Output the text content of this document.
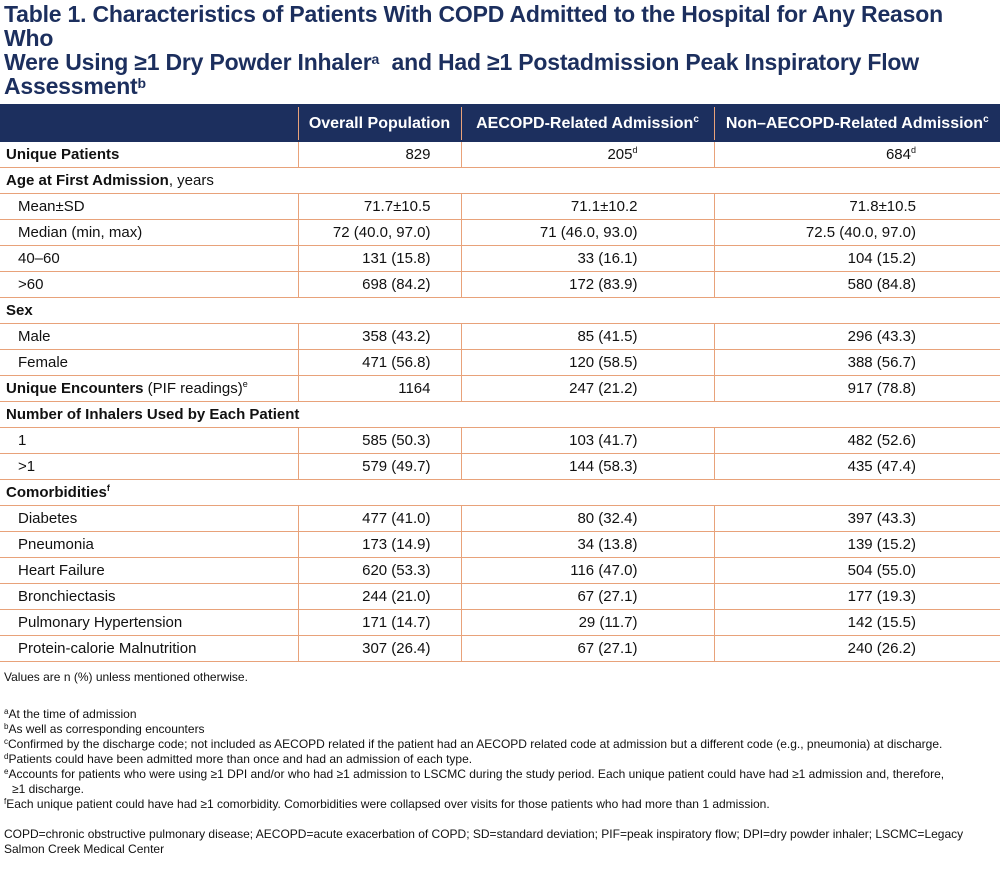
Table 1. Characteristics of Patients With COPD Admitted to the Hospital for Any Reason Who
Were Using ≥1 Dry Powder Inhaler$^a$  and Had ≥1 Postadmission Peak Inspiratory Flow
Assessment$^b$
	Overall Population	AECOPD-Related Admission$^c$	Non–AECOPD-Related Admission$^c$
Unique Patients	829	205$^d$	684$^d$
Age at First Admission, years			
Mean±SD	71.7±10.5	71.1±10.2	71.8±10.5
Median (min, max)	72 (40.0, 97.0)	71 (46.0, 93.0)	72.5 (40.0, 97.0)
40–60	131 (15.8)	33 (16.1)	104 (15.2)
>60	698 (84.2)	172 (83.9)	580 (84.8)
Sex			
Male	358 (43.2)	85 (41.5)	296 (43.3)
Female	471 (56.8)	120 (58.5)	388 (56.7)
Unique Encounters (PIF readings)$^e$	1164	247 (21.2)	917 (78.8)
Number of Inhalers Used by Each Patient			
1	585 (50.3)	103 (41.7)	482 (52.6)
>1	579 (49.7)	144 (58.3)	435 (47.4)
Comorbidities$^f$
Diabetes	477 (41.0)	80 (32.4)	397 (43.3)
Pneumonia	173 (14.9)	34 (13.8)	139 (15.2)
Heart Failure	620 (53.3)	116 (47.0)	504 (55.0)
Bronchiectasis	244 (21.0)	67 (27.1)	177 (19.3)
Pulmonary Hypertension	171 (14.7)	29 (11.7)	142 (15.5)
Protein-calorie Malnutrition	307 (26.4)	67 (27.1)	240 (26.2)
Values are n (%) unless mentioned otherwise.
$^a$At the time of admission
$^b$As well as corresponding encounters
$^c$Confirmed by the discharge code; not included as AECOPD related if the patient had an AECOPD related code at admission but a different code (e.g., pneumonia) at discharge.
$^d$Patients could have been admitted more than once and had an admission of each type.
$^e$Accounts for patients who were using ≥1 DPI and/or who had ≥1 admission to LSCMC during the study period. Each unique patient could have had ≥1 admission and, therefore,
≥1 discharge.
$^f$Each unique patient could have had ≥1 comorbidity. Comorbidities were collapsed over visits for those patients who had more than 1 admission.
COPD=chronic obstructive pulmonary disease; AECOPD=acute exacerbation of COPD; SD=standard deviation; PIF=peak inspiratory flow; DPI=dry powder inhaler; LSCMC=Legacy
Salmon Creek Medical Center
